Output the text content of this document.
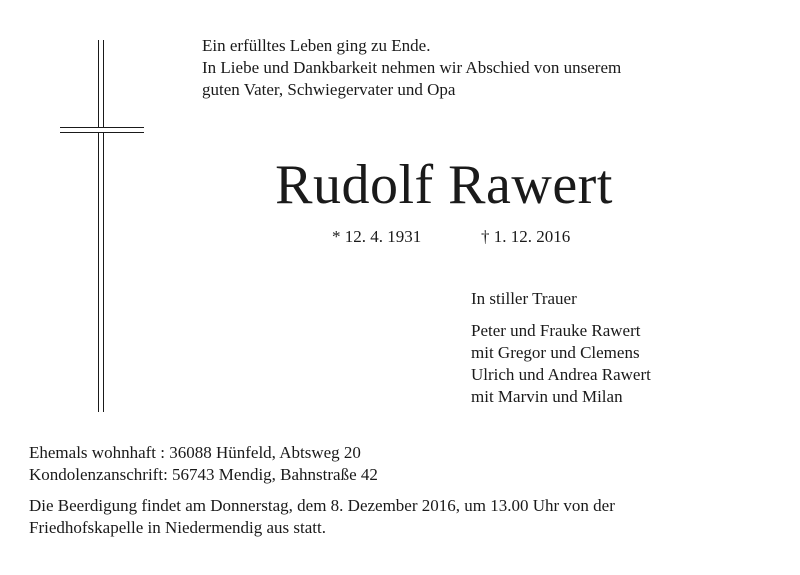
Ein erfülltes Leben ging zu Ende.
In Liebe und Dankbarkeit nehmen wir Abschied von unserem
guten Vater, Schwiegervater und Opa
Rudolf Rawert
* 12. 4. 1931	† 1. 12. 2016
In stiller Trauer
Peter und Frauke Rawert
mit Gregor und Clemens
Ulrich und Andrea Rawert
mit Marvin und Milan
Ehemals wohnhaft : 36088 Hünfeld, Abtsweg 20
Kondolenzanschrift: 56743 Mendig, Bahnstraße 42
Die Beerdigung findet am Donnerstag, dem 8. Dezember 2016, um 13.00 Uhr von der
Friedhofskapelle in Niedermendig aus statt.
